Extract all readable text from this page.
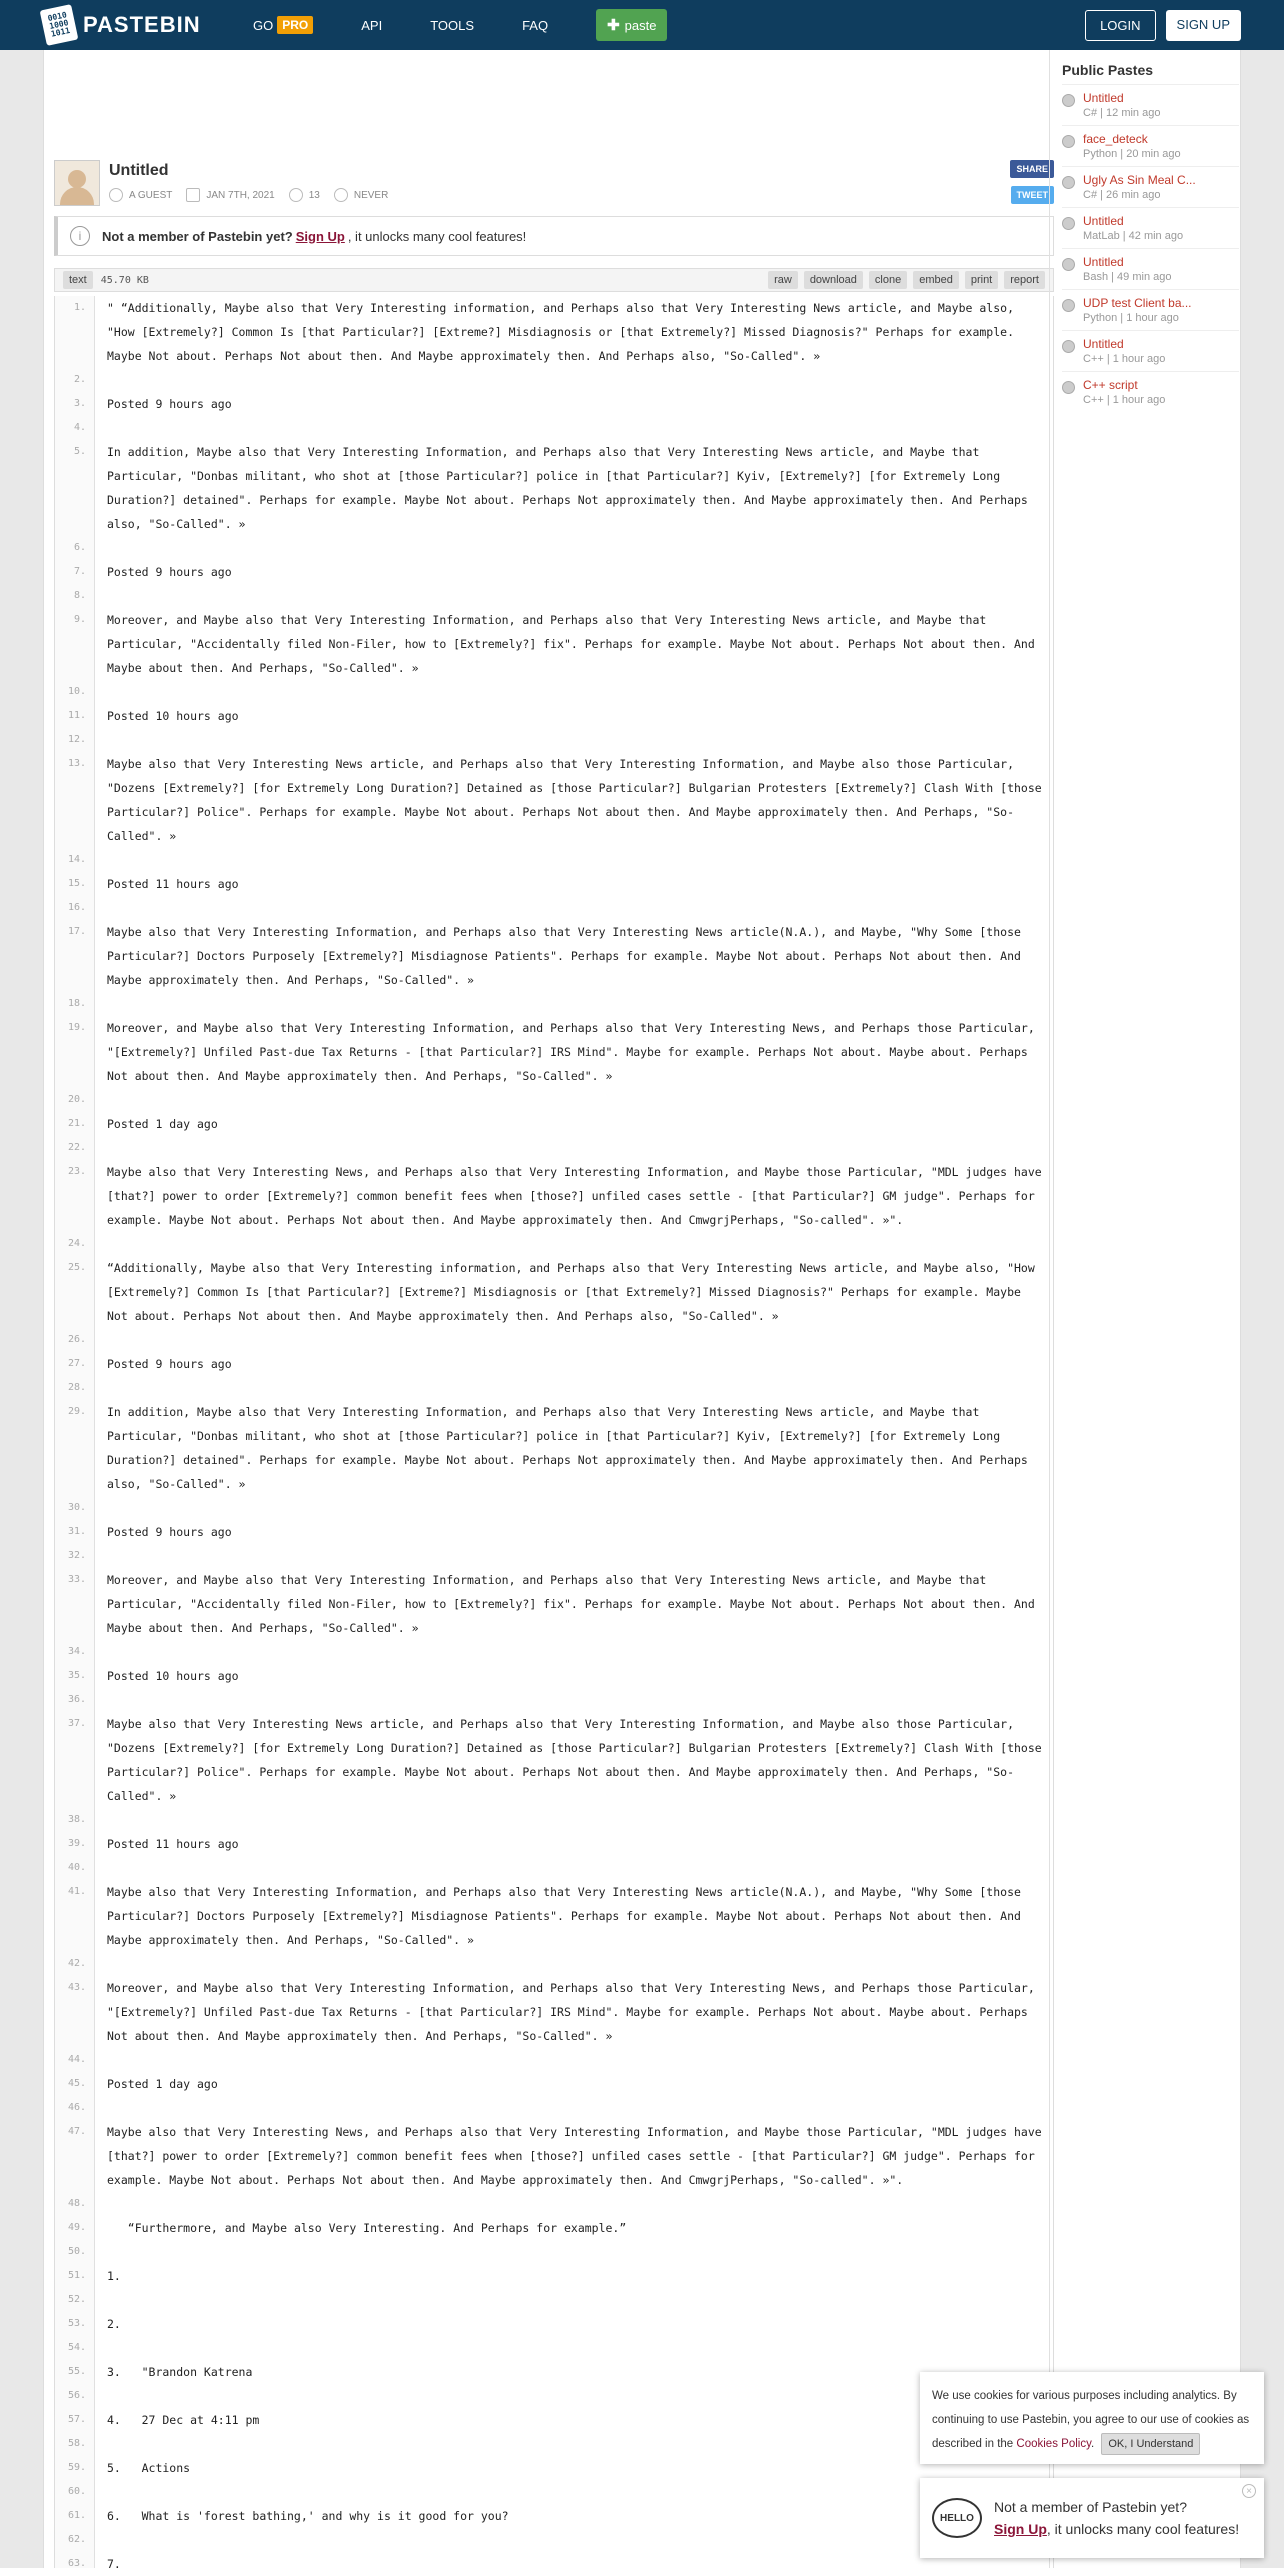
0010 1000 1011 PASTEBIN	GO PRO	API	TOOLS	FAQ	✚ paste	LOGIN	SIGN UP
Untitled
A GUEST	JAN 7TH, 2021	13	NEVER
SHARE
TWEET
i	Not a member of Pastebin yet? Sign Up , it unlocks many cool features!
text	45.70 KB	raw	download	clone	embed	print	report
1.	" “Additionally, Maybe also that Very Interesting information, and Perhaps also that Very Interesting News article, and Maybe also, "How [Extremely?] Common Is [that Particular?] [Extreme?] Misdiagnosis or [that Extremely?] Missed Diagnosis?" Perhaps for example. Maybe Not about. Perhaps Not about then. And Maybe approximately then. And Perhaps also, "So-Called". »
2.
3.	Posted 9 hours ago
4.
5.	In addition, Maybe also that Very Interesting Information, and Perhaps also that Very Interesting News article, and Maybe that Particular, "Donbas militant, who shot at [those Particular?] police in [that Particular?] Kyiv, [Extremely?] [for Extremely Long Duration?] detained". Perhaps for example. Maybe Not about. Perhaps Not approximately then. And Maybe approximately then. And Perhaps also, "So-Called". »
6.
7.	Posted 9 hours ago
8.
9.	Moreover, and Maybe also that Very Interesting Information, and Perhaps also that Very Interesting News article, and Maybe that Particular, "Accidentally filed Non-Filer, how to [Extremely?] fix". Perhaps for example. Maybe Not about. Perhaps Not about then. And Maybe about then. And Perhaps, "So-Called". »
10.
11.	Posted 10 hours ago
12.
13.	Maybe also that Very Interesting News article, and Perhaps also that Very Interesting Information, and Maybe also those Particular, "Dozens [Extremely?] [for Extremely Long Duration?] Detained as [those Particular?] Bulgarian Protesters [Extremely?] Clash With [those Particular?] Police". Perhaps for example. Maybe Not about. Perhaps Not about then. And Maybe approximately then. And Perhaps, "So-Called". »
14.
15.	Posted 11 hours ago
16.
17.	Maybe also that Very Interesting Information, and Perhaps also that Very Interesting News article(N.A.), and Maybe, "Why Some [those Particular?] Doctors Purposely [Extremely?] Misdiagnose Patients". Perhaps for example. Maybe Not about. Perhaps Not about then. And Maybe approximately then. And Perhaps, "So-Called". »
18.
19.	Moreover, and Maybe also that Very Interesting Information, and Perhaps also that Very Interesting News, and Perhaps those Particular, "[Extremely?] Unfiled Past-due Tax Returns - [that Particular?] IRS Mind". Maybe for example. Perhaps Not about. Maybe about. Perhaps Not about then. And Maybe approximately then. And Perhaps, "So-Called". »
20.
21.	Posted 1 day ago
22.
23.	Maybe also that Very Interesting News, and Perhaps also that Very Interesting Information, and Maybe those Particular, "MDL judges have [that?] power to order [Extremely?] common benefit fees when [those?] unfiled cases settle - [that Particular?] GM judge". Perhaps for example. Maybe Not about. Perhaps Not about then. And Maybe approximately then. And CmwgrjPerhaps, "So-called". »".
24.
25.	“Additionally, Maybe also that Very Interesting information, and Perhaps also that Very Interesting News article, and Maybe also, "How [Extremely?] Common Is [that Particular?] [Extreme?] Misdiagnosis or [that Extremely?] Missed Diagnosis?" Perhaps for example. Maybe Not about. Perhaps Not about then. And Maybe approximately then. And Perhaps also, "So-Called". »
26.
27.	Posted 9 hours ago
28.
29.	In addition, Maybe also that Very Interesting Information, and Perhaps also that Very Interesting News article, and Maybe that Particular, "Donbas militant, who shot at [those Particular?] police in [that Particular?] Kyiv, [Extremely?] [for Extremely Long Duration?] detained". Perhaps for example. Maybe Not about. Perhaps Not approximately then. And Maybe approximately then. And Perhaps also, "So-Called". »
30.
31.	Posted 9 hours ago
32.
33.	Moreover, and Maybe also that Very Interesting Information, and Perhaps also that Very Interesting News article, and Maybe that Particular, "Accidentally filed Non-Filer, how to [Extremely?] fix". Perhaps for example. Maybe Not about. Perhaps Not about then. And Maybe about then. And Perhaps, "So-Called". »
34.
35.	Posted 10 hours ago
36.
37.	Maybe also that Very Interesting News article, and Perhaps also that Very Interesting Information, and Maybe also those Particular, "Dozens [Extremely?] [for Extremely Long Duration?] Detained as [those Particular?] Bulgarian Protesters [Extremely?] Clash With [those Particular?] Police". Perhaps for example. Maybe Not about. Perhaps Not about then. And Maybe approximately then. And Perhaps, "So-Called". »
38.
39.	Posted 11 hours ago
40.
41.	Maybe also that Very Interesting Information, and Perhaps also that Very Interesting News article(N.A.), and Maybe, "Why Some [those Particular?] Doctors Purposely [Extremely?] Misdiagnose Patients". Perhaps for example. Maybe Not about. Perhaps Not about then. And Maybe approximately then. And Perhaps, "So-Called". »
42.
43.	Moreover, and Maybe also that Very Interesting Information, and Perhaps also that Very Interesting News, and Perhaps those Particular, "[Extremely?] Unfiled Past-due Tax Returns - [that Particular?] IRS Mind". Maybe for example. Perhaps Not about. Maybe about. Perhaps Not about then. And Maybe approximately then. And Perhaps, "So-Called". »
44.
45.	Posted 1 day ago
46.
47.	Maybe also that Very Interesting News, and Perhaps also that Very Interesting Information, and Maybe those Particular, "MDL judges have [that?] power to order [Extremely?] common benefit fees when [those?] unfiled cases settle - [that Particular?] GM judge". Perhaps for example. Maybe Not about. Perhaps Not about then. And Maybe approximately then. And CmwgrjPerhaps, "So-called". »".
48.
49.	“Furthermore, and Maybe also Very Interesting. And Perhaps for example.”
50.
51.	1.
52.
53.	2.
54.
55.	3.   "Brandon Katrena
56.
57.	4.   27 Dec at 4:11 pm
58.
59.	5.   Actions
60.
61.	6.   What is 'forest bathing,' and why is it good for you?
62.
63.	7.
Public Pastes
Untitled
C# | 12 min ago
face_deteck
Python | 20 min ago
Ugly As Sin Meal C...
C# | 26 min ago
Untitled
MatLab | 42 min ago
Untitled
Bash | 49 min ago
UDP test Client ba...
Python | 1 hour ago
Untitled
C++ | 1 hour ago
C++ script
C++ | 1 hour ago
We use cookies for various purposes including analytics. By continuing to use Pastebin, you agree to our use of cookies as described in the Cookies Policy. OK, I Understand
HELLO
Not a member of Pastebin yet?
Sign Up, it unlocks many cool features!
×
